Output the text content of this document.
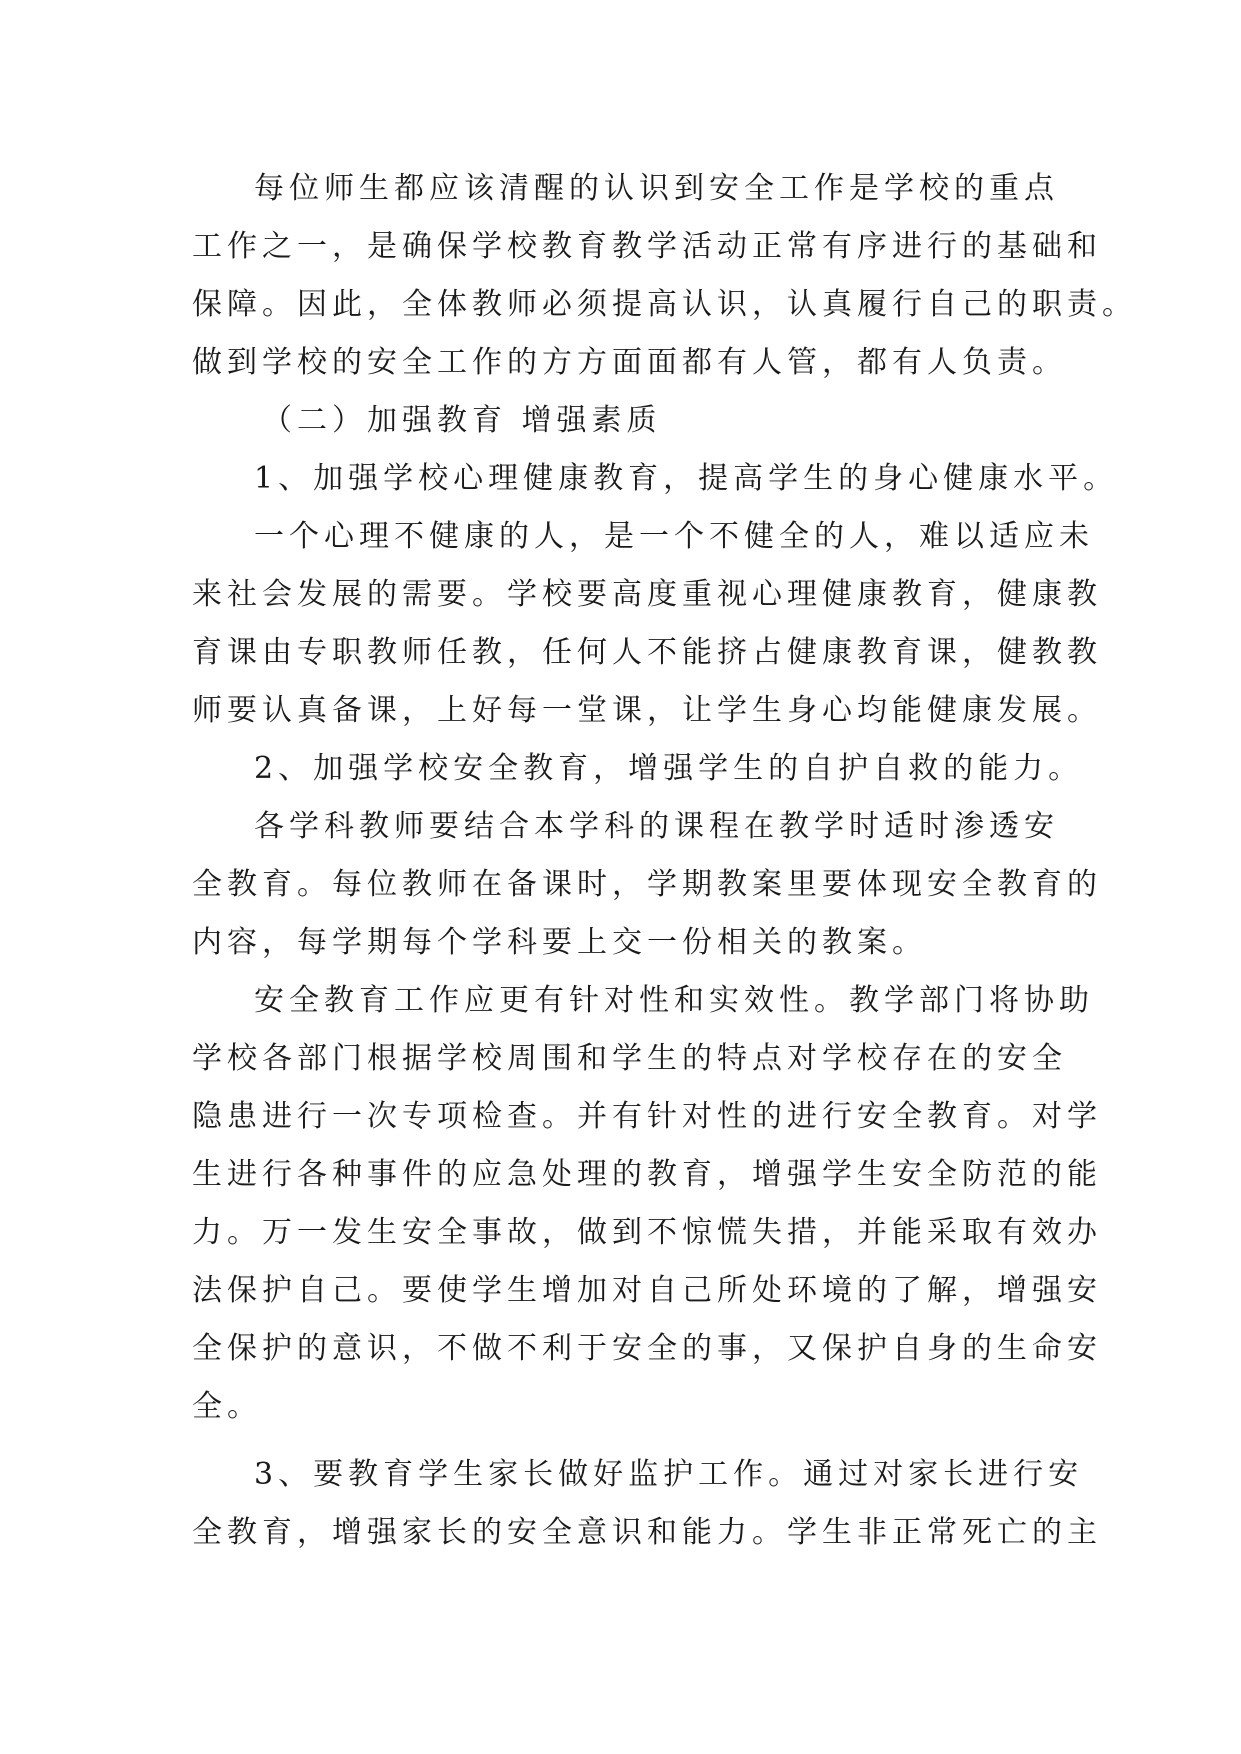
每位师生都应该清醒的认识到安全工作是学校的重点
工作之一，是确保学校教育教学活动正常有序进行的基础和
保障。因此，全体教师必须提高认识，认真履行自己的职责。
做到学校的安全工作的方方面面都有人管，都有人负责。
（二）加强教育 增强素质
1、加强学校心理健康教育，提高学生的身心健康水平。
一个心理不健康的人，是一个不健全的人，难以适应未
来社会发展的需要。学校要高度重视心理健康教育，健康教
育课由专职教师任教，任何人不能挤占健康教育课，健教教
师要认真备课，上好每一堂课，让学生身心均能健康发展。
2、加强学校安全教育，增强学生的自护自救的能力。
各学科教师要结合本学科的课程在教学时适时渗透安
全教育。每位教师在备课时，学期教案里要体现安全教育的
内容，每学期每个学科要上交一份相关的教案。
安全教育工作应更有针对性和实效性。教学部门将协助
学校各部门根据学校周围和学生的特点对学校存在的安全
隐患进行一次专项检查。并有针对性的进行安全教育。对学
生进行各种事件的应急处理的教育，增强学生安全防范的能
力。万一发生安全事故，做到不惊慌失措，并能采取有效办
法保护自己。要使学生增加对自己所处环境的了解，增强安
全保护的意识，不做不利于安全的事，又保护自身的生命安
全。
3、要教育学生家长做好监护工作。通过对家长进行安
全教育，增强家长的安全意识和能力。学生非正常死亡的主
